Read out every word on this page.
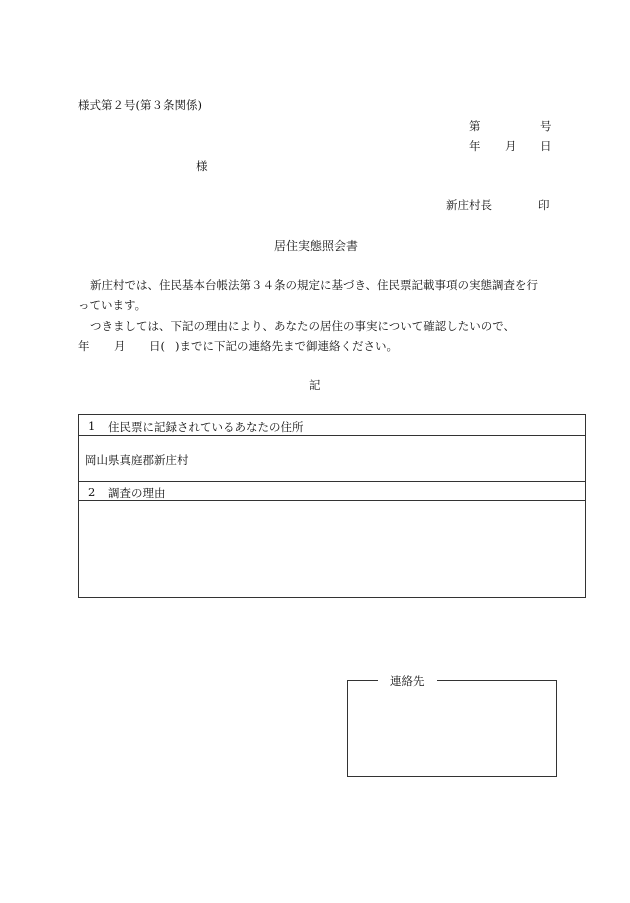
様式第２号(第３条関係)
第	号
年 月 日
様
新庄村長	印
居住実態照会書
新庄村では、住民基本台帳法第３４条の規定に基づき、住民票記載事項の実態調査を行
っています。
つきましては、下記の理由により、あなたの居住の事実について確認したいので、
年 月 日( )までに下記の連絡先まで御連絡ください。
記
1 住民票に記録されているあなたの住所
岡山県真庭郡新庄村
2 調査の理由
連絡先
